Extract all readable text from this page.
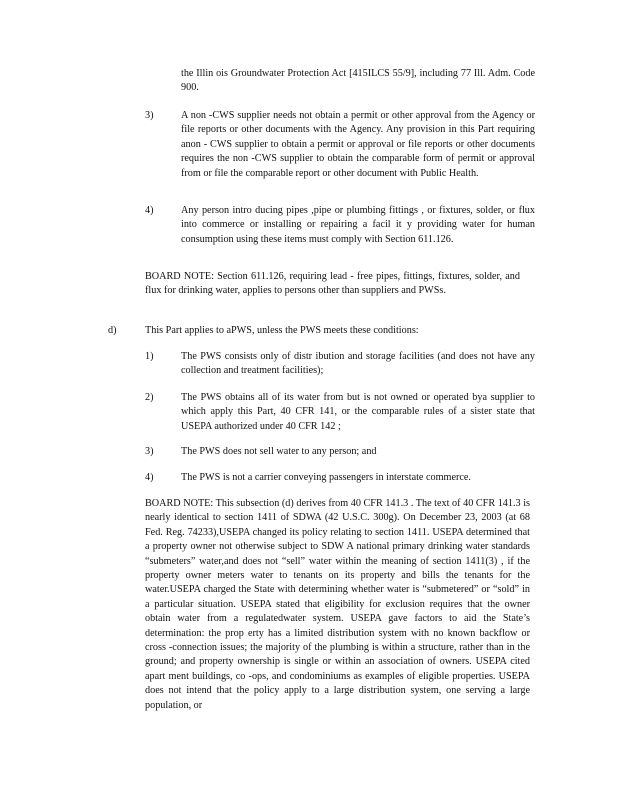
the Illin ois Groundwater Protection Act [415ILCS 55/9], including 77 Ill. Adm. Code 900.

3)	A non -CWS supplier needs not obtain a permit or other approval from the Agency or file reports or other documents with the Agency. Any provision in this Part requiring anon - CWS supplier to obtain a permit or approval or file reports or other documents requires the non -CWS supplier to obtain the comparable form of permit or approval from or file the comparable report or other document with Public Health.

4)	Any person intro ducing pipes ,pipe or plumbing fittings , or fixtures, solder, or flux into commerce or installing or repairing a facil it y providing water for human consumption using these items must comply with Section 611.126.

BOARD NOTE: Section 611.126, requiring lead - free pipes, fittings, fixtures, solder, and flux for drinking water, applies to persons other than suppliers and PWSs.

d)	This Part applies to aPWS, unless the PWS meets these conditions:

1)	The PWS consists only of distr ibution and storage facilities (and does not have any collection and treatment facilities);

2)	The PWS obtains all of its water from but is not owned or operated bya supplier to which apply this Part, 40 CFR 141, or the comparable rules of a sister state that USEPA authorized under 40 CFR 142 ;

3)	The PWS does not sell water to any person; and

4)	The PWS is not a carrier conveying passengers in interstate commerce.

BOARD NOTE: This subsection (d) derives from 40 CFR 141.3 . The text of 40 CFR 141.3 is nearly identical to section 1411 of SDWA (42 U.S.C. 300g). On December 23, 2003 (at 68 Fed. Reg. 74233),USEPA changed its policy relating to section 1411. USEPA determined that a property owner not otherwise subject to SDW A national primary drinking water standards “submeters” water,and does not “sell” water within the meaning of section 1411(3) , if the property owner meters water to tenants on its property and bills the tenants for the water.USEPA charged the State with determining whether water is “submetered” or “sold” in a particular situation. USEPA stated that eligibility for exclusion requires that the owner obtain water from a regulatedwater system. USEPA gave factors to aid the State’s determination: the prop erty has a limited distribution system with no known backflow or cross -connection issues; the majority of the plumbing is within a structure, rather than in the ground; and property ownership is single or within an association of owners. USEPA cited apart ment buildings, co -ops, and condominiums as examples of eligible properties. USEPA does not intend that the policy apply to a large distribution system, one serving a large population, or
